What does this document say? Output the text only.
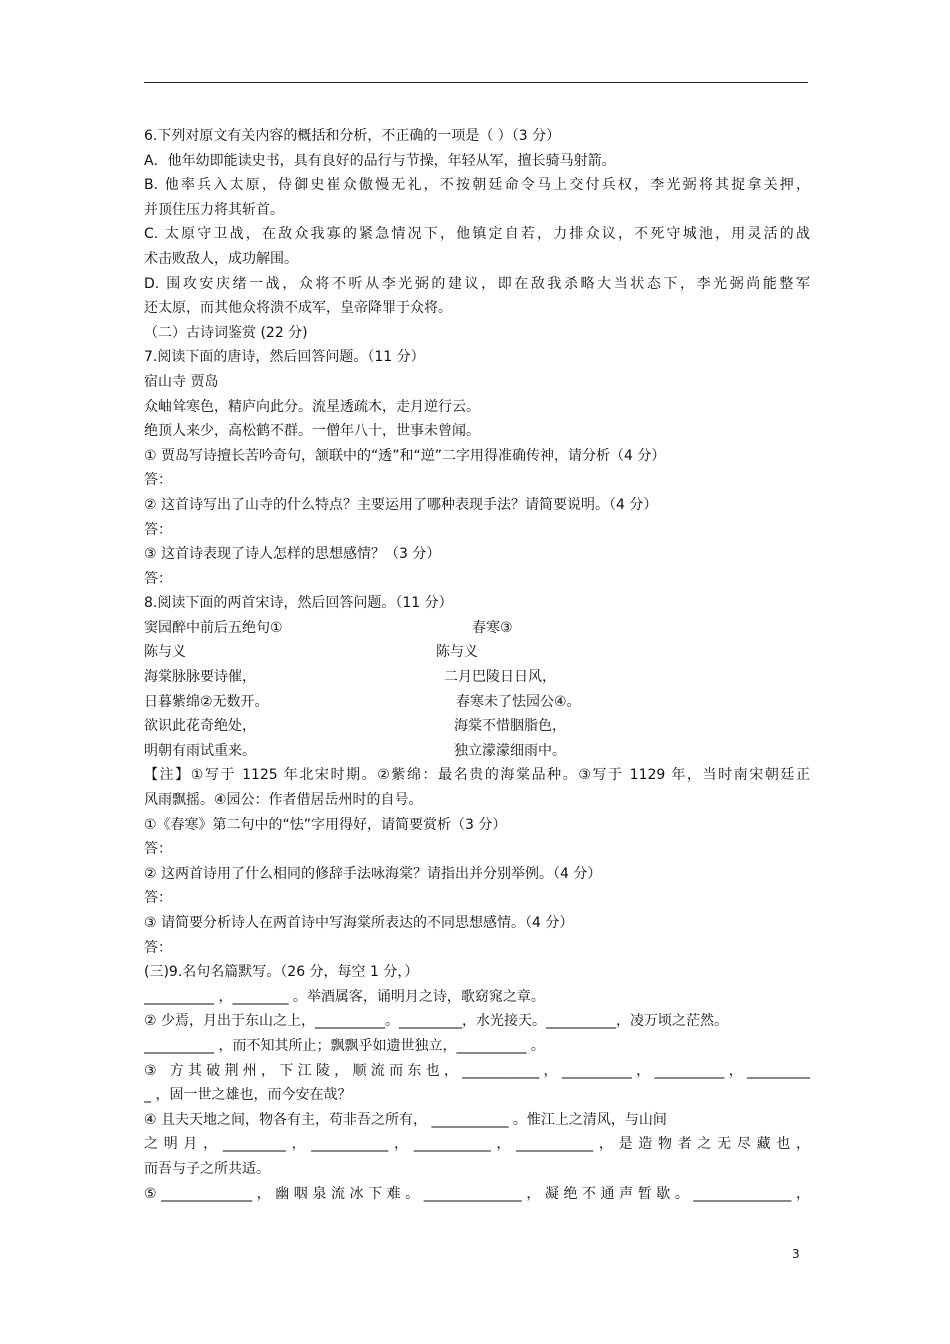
6.下列对原文有关内容的概括和分析，不正确的一项是（ ）（3 分）
A．他年幼即能读史书，具有良好的品行与节操，年轻从军，擅长骑马射箭。
B. 他率兵入太原，侍御史崔众傲慢无礼，不按朝廷命令马上交付兵权，李光弼将其捉拿关押，
并顶住压力将其斩首。
C. 太原守卫战，在敌众我寡的紧急情况下，他镇定自若，力排众议，不死守城池，用灵活的战
术击败敌人，成功解围。
D. 围攻安庆绪一战，众将不听从李光弼的建议，即在敌我杀略大当状态下，李光弼尚能整军
还太原，而其他众将溃不成军，皇帝降罪于众将。
（二）古诗词鉴赏 (22 分)
7.阅读下面的唐诗，然后回答问题。（11 分）
宿山寺 贾岛
众岫耸寒色，精庐向此分。流星透疏木，走月逆行云。
绝顶人来少，高松鹤不群。一僧年八十，世事未曾闻。
① 贾岛写诗擅长苦吟奇句，颔联中的“透”和“逆”二字用得准确传神，请分析（4 分）
答：
② 这首诗写出了山寺的什么特点？主要运用了哪种表现手法？请简要说明。（4 分）
答：
③ 这首诗表现了诗人怎样的思想感情？（3 分）
答：
8.阅读下面的两首宋诗，然后回答问题。（11 分）
窦园醉中前后五绝句①	春寒③
陈与义	陈与义
海棠脉脉要诗催，	二月巴陵日日风，
日暮紫绵②无数开。	春寒未了怯园公④。
欲识此花奇绝处，	海棠不惜胭脂色，
明朝有雨试重来。	独立濛濛细雨中。
【注】①写于 1125 年北宋时期。②紫绵：最名贵的海棠品种。③写于 1129 年，当时南宋朝廷正
风雨飘摇。④园公：作者借居岳州时的自号。
①《春寒》第二句中的“怯”字用得好，请简要赏析（3 分）
答：
② 这两首诗用了什么相同的修辞手法咏海棠？请指出并分别举例。（4 分）
答：
③ 请简要分析诗人在两首诗中写海棠所表达的不同思想感情。（4 分）
答：
(三)9.名句名篇默写。（26 分，每空 1 分，）
__________ ，________ 。举酒属客，诵明月之诗，歌窈窕之章。
② 少焉，月出于东山之上，__________。_________，水光接天。__________，凌万顷之茫然。
__________ ，而不知其所止；飘飘乎如遗世独立，__________ 。
③ 方其破荆州，下江陵，顺流而东也，___________，__________，__________，_________
_ ，固一世之雄也，而今安在哉？
④ 且夫天地之间，物各有主，苟非吾之所有， ___________ 。惟江上之清风，与山间
之明月，_________，___________，___________，___________，是造物者之无尽藏也，
而吾与子之所共适。
⑤_____________，幽咽泉流冰下难。______________，凝绝不通声暂歇。______________，
3
